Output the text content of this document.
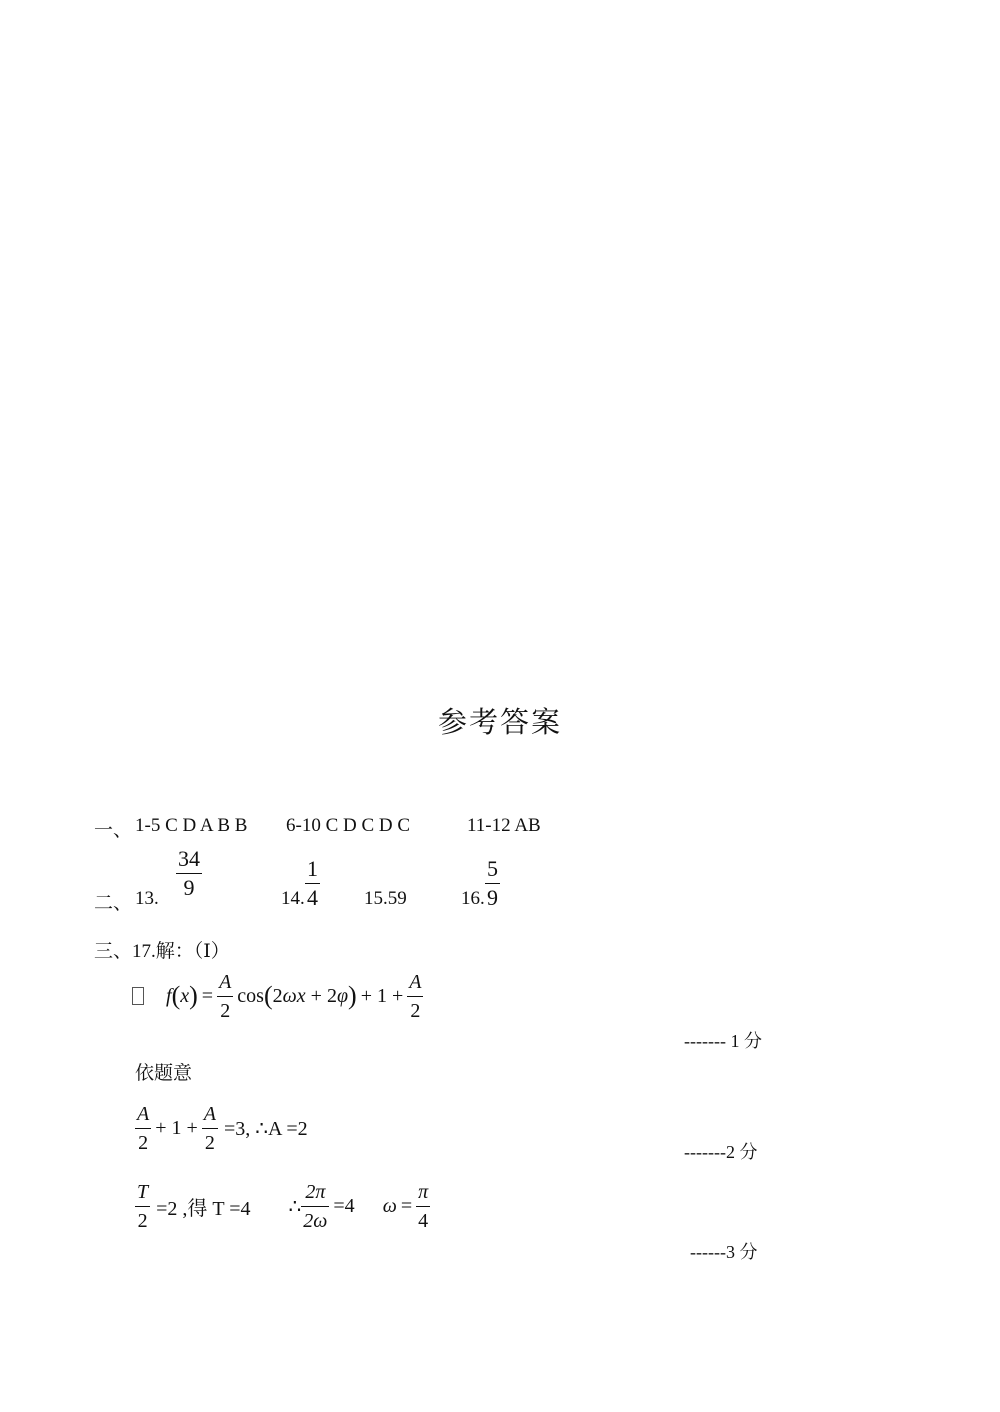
参考答案
一、 1-5 C D A B B 6-10 C D C D C	11-12 AB
二、 13. $\frac{34}{9}$	14. $\frac{1}{4} 15.59$	16. $\frac{5}{9}$
三、17.解：（Ⅰ）
f ( x ) = $\frac{A}{2}$ cos ( 2 ω x + 2 φ ) + $1 + \frac{A}{2}$
------- 1 分
依题意
$\frac{A}{2} + 1 + \frac{A}{2} =3$, ∴A =2
-------2 分
$\frac{T}{2} =2$ ,得 T =4 ∴ $\frac{2\pi}{2\omega} =4$ $\omega = \frac{\pi}{4}$
------3 分
